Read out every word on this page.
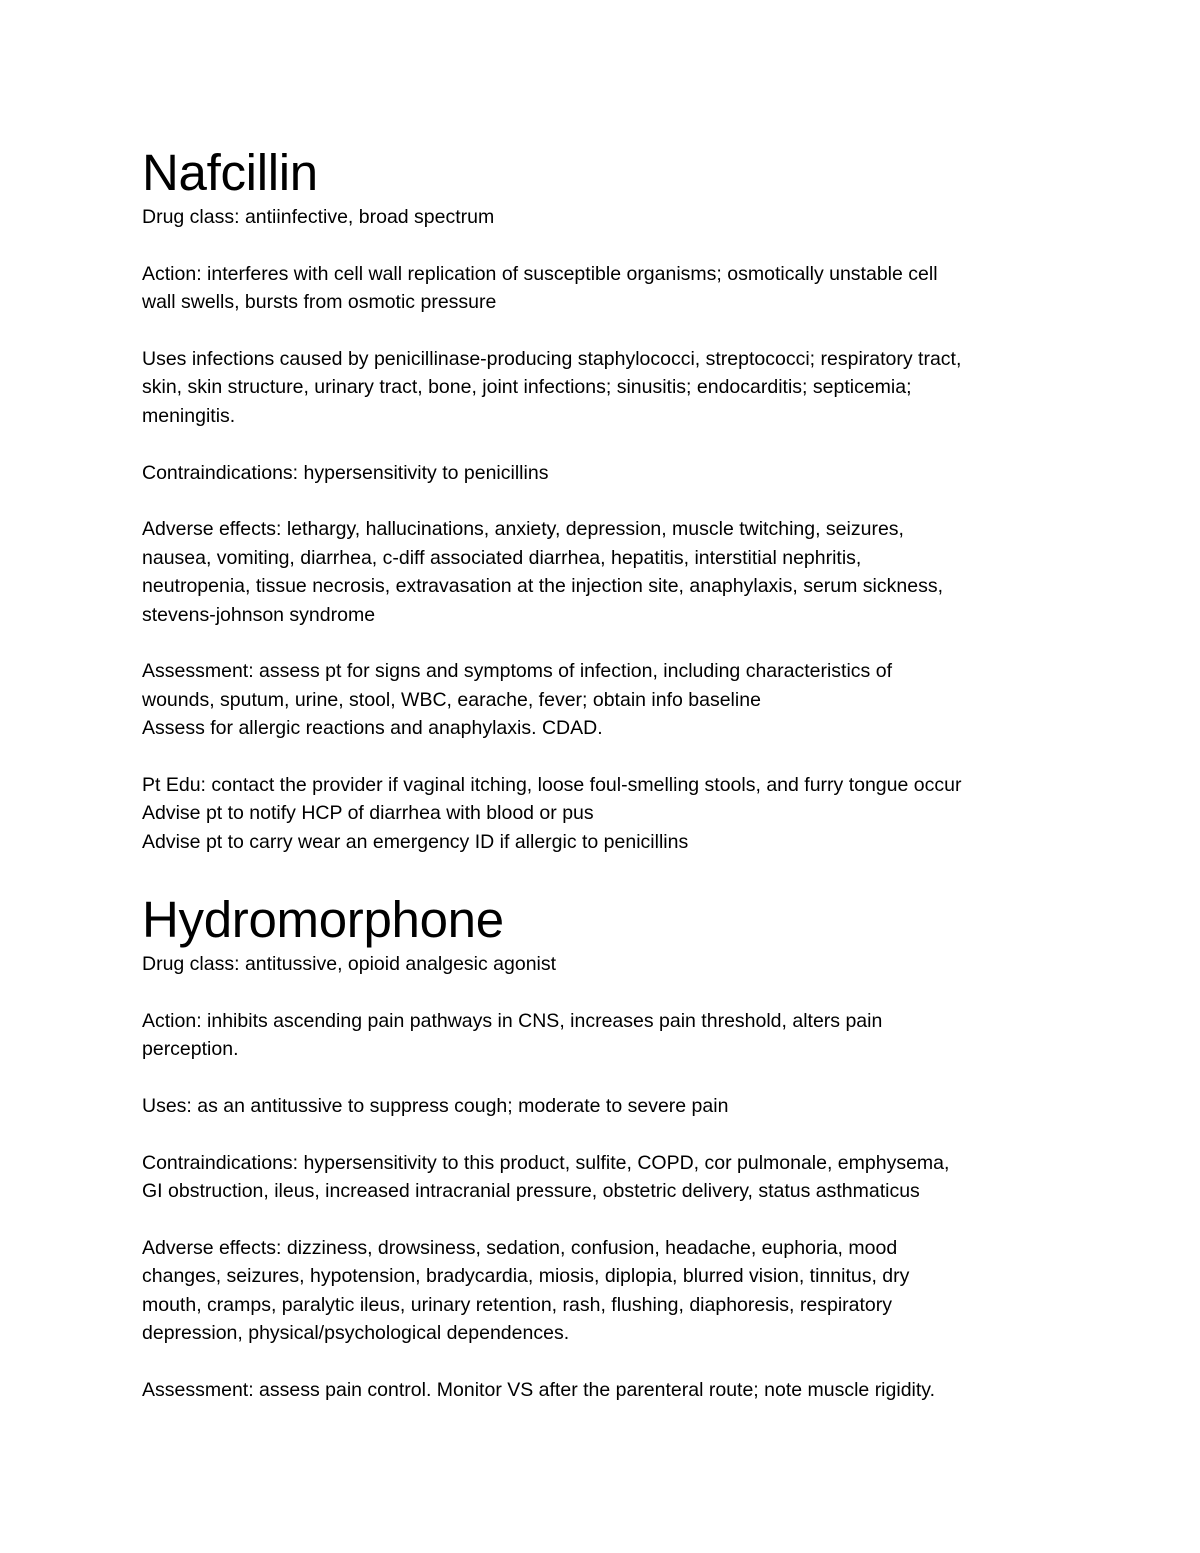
Nafcillin

Drug class: antiinfective, broad spectrum

Action: interferes with cell wall replication of susceptible organisms; osmotically unstable cell

wall swells, bursts from osmotic pressure

Uses infections caused by penicillinase-producing staphylococci, streptococci; respiratory tract,

skin, skin structure, urinary tract, bone, joint infections; sinusitis; endocarditis; septicemia;

meningitis.

Contraindications: hypersensitivity to penicillins

Adverse effects: lethargy, hallucinations, anxiety, depression, muscle twitching, seizures,

nausea, vomiting, diarrhea, c-diff associated diarrhea, hepatitis, interstitial nephritis,

neutropenia, tissue necrosis, extravasation at the injection site, anaphylaxis, serum sickness,

stevens-johnson syndrome

Assessment: assess pt for signs and symptoms of infection, including characteristics of

wounds, sputum, urine, stool, WBC, earache, fever; obtain info baseline

Assess for allergic reactions and anaphylaxis. CDAD.

Pt Edu: contact the provider if vaginal itching, loose foul-smelling stools, and furry tongue occur

Advise pt to notify HCP of diarrhea with blood or pus

Advise pt to carry wear an emergency ID if allergic to penicillins

Hydromorphone

Drug class: antitussive, opioid analgesic agonist

Action: inhibits ascending pain pathways in CNS, increases pain threshold, alters pain

perception.

Uses: as an antitussive to suppress cough; moderate to severe pain

Contraindications: hypersensitivity to this product, sulfite, COPD, cor pulmonale, emphysema,

GI obstruction, ileus, increased intracranial pressure, obstetric delivery, status asthmaticus

Adverse effects: dizziness, drowsiness, sedation, confusion, headache, euphoria, mood

changes, seizures, hypotension, bradycardia, miosis, diplopia, blurred vision, tinnitus, dry

mouth, cramps, paralytic ileus, urinary retention, rash, flushing, diaphoresis, respiratory

depression, physical/psychological dependences.

Assessment: assess pain control. Monitor VS after the parenteral route; note muscle rigidity.
